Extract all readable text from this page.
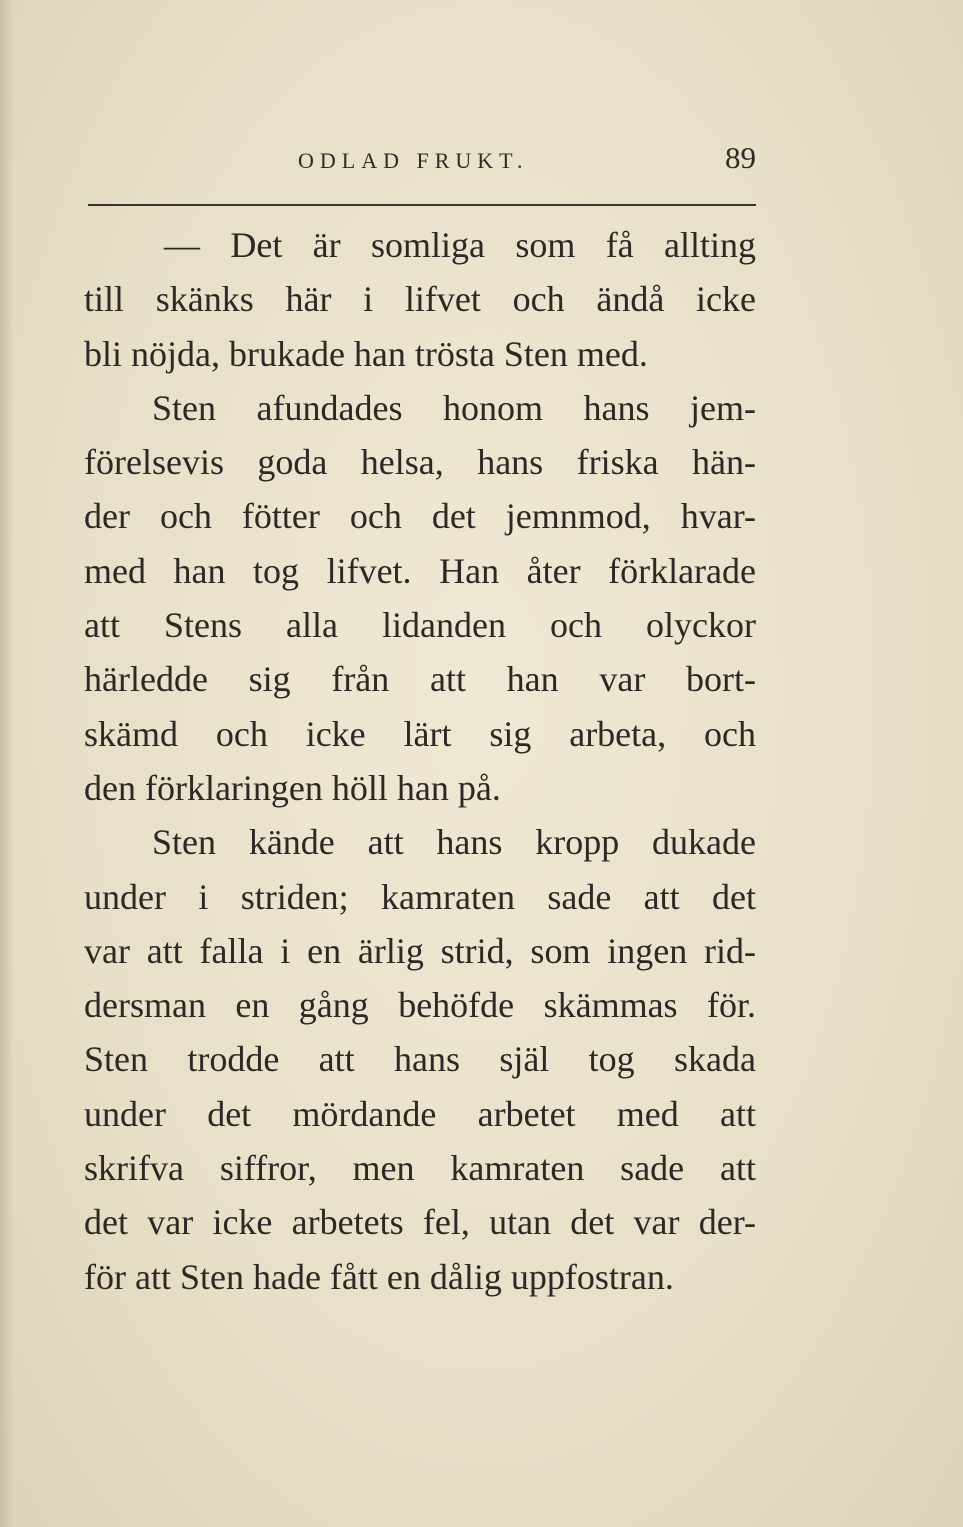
ODLAD FRUKT.	89
— Det är somliga som få allting
till skänks här i lifvet och ändå icke
bli nöjda, brukade han trösta Sten med.
Sten afundades honom hans jem-
förelsevis goda helsa, hans friska hän-
der och fötter och det jemnmod, hvar-
med han tog lifvet. Han åter förklarade
att Stens alla lidanden och olyckor
härledde sig från att han var bort-
skämd och icke lärt sig arbeta, och
den förklaringen höll han på.
Sten kände att hans kropp dukade
under i striden; kamraten sade att det
var att falla i en ärlig strid, som ingen rid-
dersman en gång behöfde skämmas för.
Sten trodde att hans själ tog skada
under det mördande arbetet med att
skrifva siffror, men kamraten sade att
det var icke arbetets fel, utan det var der-
för att Sten hade fått en dålig uppfostran.
